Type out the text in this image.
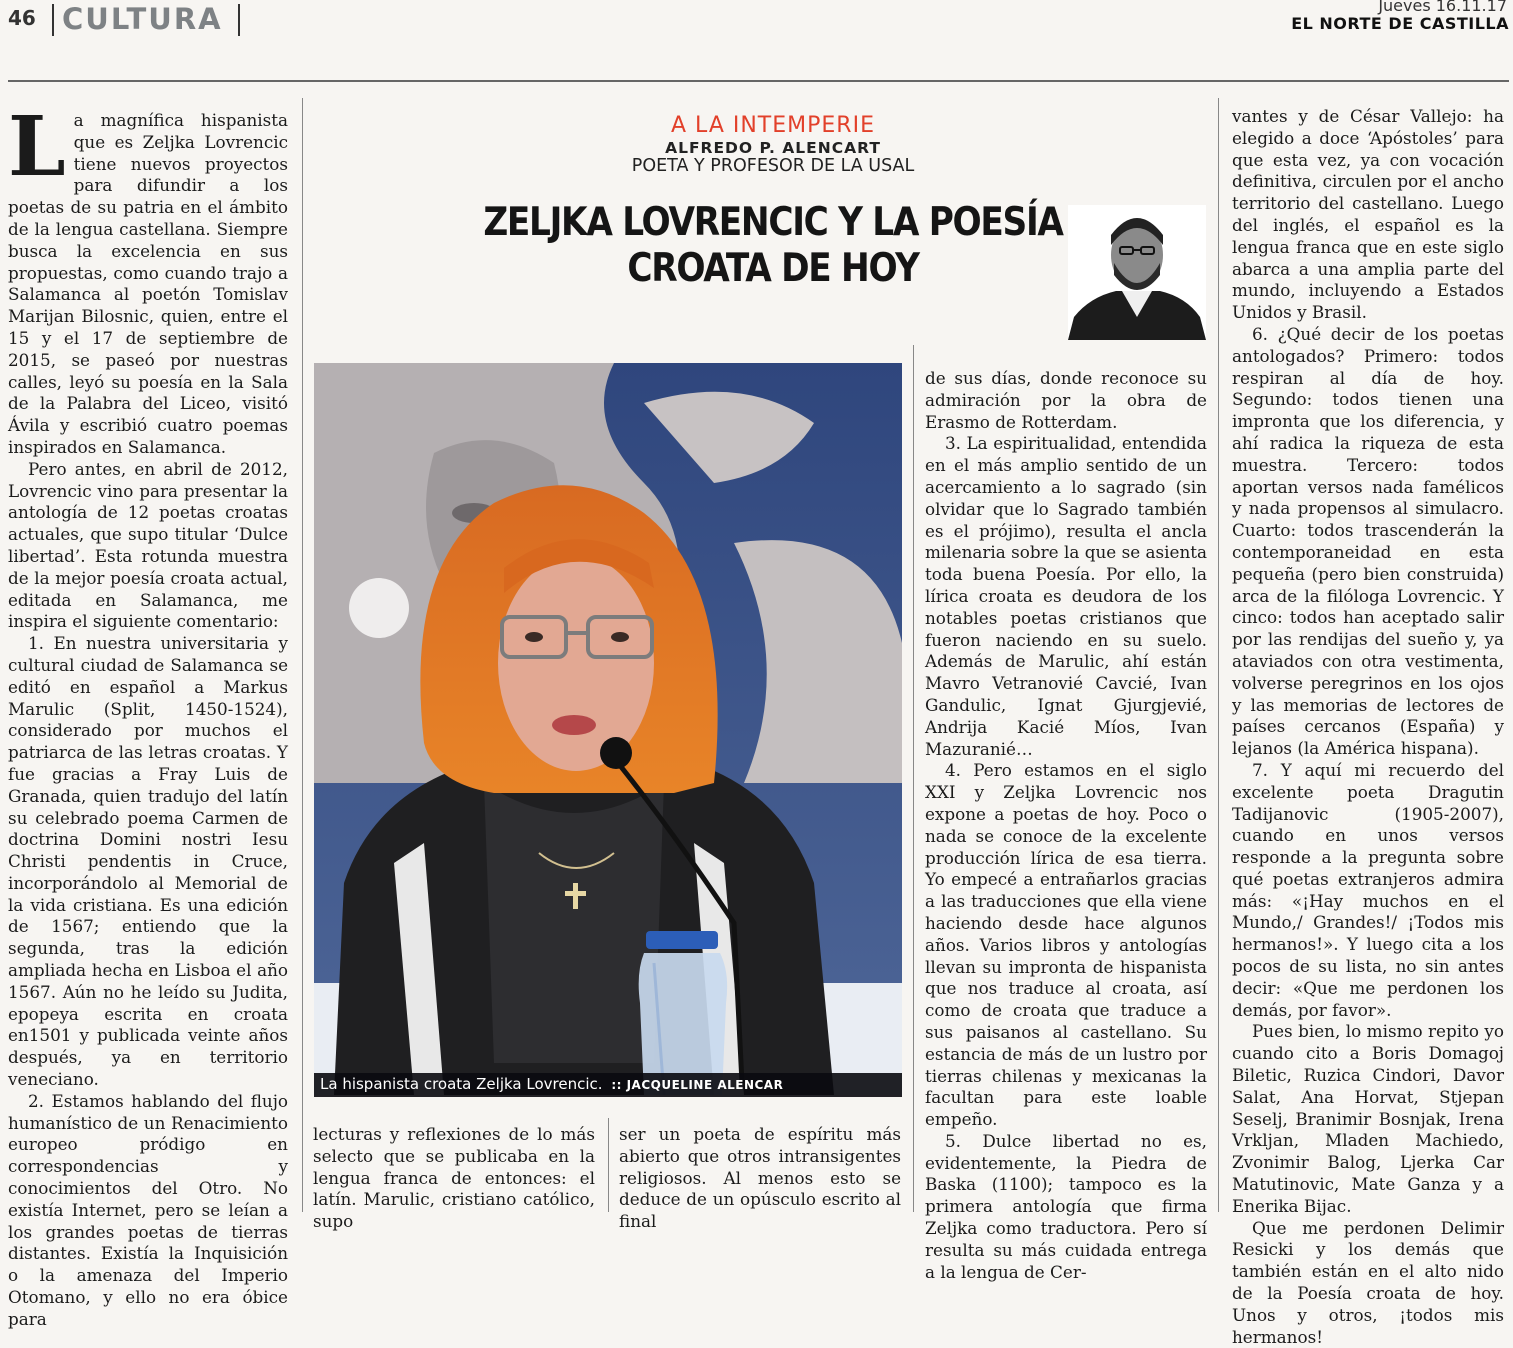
46 CULTURA	Jueves 16.11.17
EL NORTE DE CASTILLA

La magnífica hispanista que es Zeljka Lovrencic tiene nuevos proyectos para difundir a los poetas de su patria en el ámbito de la lengua castellana. Siempre busca la excelencia en sus propuestas, como cuando trajo a Salamanca al poetón Tomislav Marijan Bilosnic, quien, entre el 15 y el 17 de septiembre de 2015, se paseó por nuestras calles, leyó su poesía en la Sala de la Palabra del Liceo, visitó Ávila y escribió cuatro poemas inspirados en Salamanca.

Pero antes, en abril de 2012, Lovrencic vino para presentar la antología de 12 poetas croatas actuales, que supo titular ‘Dulce libertad’. Esta rotunda muestra de la mejor poesía croata actual, editada en Salamanca, me inspira el siguiente comentario:

1. En nuestra universitaria y cultural ciudad de Salamanca se editó en español a Markus Marulic (Split, 1450-1524), considerado por muchos el patriarca de las letras croatas. Y fue gracias a Fray Luis de Granada, quien tradujo del latín su celebrado poema Carmen de doctrina Domini nostri Iesu Christi pendentis in Cruce, incorporándolo al Memorial de la vida cristiana. Es una edición de 1567; entiendo que la segunda, tras la edición ampliada hecha en Lisboa el año 1567. Aún no he leído su Judita, epopeya escrita en croata en1501 y publicada veinte años después, ya en territorio veneciano.

2. Estamos hablando del flujo humanístico de un Renacimiento europeo pródigo en correspondencias y conocimientos del Otro. No existía Internet, pero se leían a los grandes poetas de tierras distantes. Existía la Inquisición o la amenaza del Imperio Otomano, y ello no era óbice para

A LA INTEMPERIE
ALFREDO P. ALENCART
POETA Y PROFESOR DE LA USAL
ZELJKA LOVRENCIC Y LA POESÍA
CROATA DE HOY
La hispanista croata Zeljka Lovrencic. :: JACQUELINE ALENCAR

lecturas y reflexiones de lo más selecto que se publicaba en la lengua franca de entonces: el latín. Marulic, cristiano católico, supo

ser un poeta de espíritu más abierto que otros intransigentes religiosos. Al menos esto se deduce de un opúsculo escrito al final

de sus días, donde reconoce su admiración por la obra de Erasmo de Rotterdam.

3. La espiritualidad, entendida en el más amplio sentido de un acercamiento a lo sagrado (sin olvidar que lo Sagrado también es el prójimo), resulta el ancla milenaria sobre la que se asienta toda buena Poesía. Por ello, la lírica croata es deudora de los notables poetas cristianos que fueron naciendo en su suelo. Además de Marulic, ahí están Mavro Vetranovié Cavcié, Ivan Gandulic, Ignat Gjurgjevié, Andrija Kacié Míos, Ivan Mazuranié…

4. Pero estamos en el siglo XXI y Zeljka Lovrencic nos expone a poetas de hoy. Poco o nada se conoce de la excelente producción lírica de esa tierra. Yo empecé a entrañarlos gracias a las traducciones que ella viene haciendo desde hace algunos años. Varios libros y antologías llevan su impronta de hispanista que nos traduce al croata, así como de croata que traduce a sus paisanos al castellano. Su estancia de más de un lustro por tierras chilenas y mexicanas la facultan para este loable empeño.

5. Dulce libertad no es, evidentemente, la Piedra de Baska (1100); tampoco es la primera antología que firma Zeljka como traductora. Pero sí resulta su más cuidada entrega a la lengua de Cer-

vantes y de César Vallejo: ha elegido a doce ‘Apóstoles’ para que esta vez, ya con vocación definitiva, circulen por el ancho territorio del castellano. Luego del inglés, el español es la lengua franca que en este siglo abarca a una amplia parte del mundo, incluyendo a Estados Unidos y Brasil.

6. ¿Qué decir de los poetas antologados? Primero: todos respiran al día de hoy. Segundo: todos tienen una impronta que los diferencia, y ahí radica la riqueza de esta muestra. Tercero: todos aportan versos nada famélicos y nada propensos al simulacro. Cuarto: todos trascenderán la contemporaneidad en esta pequeña (pero bien construida) arca de la filóloga Lovrencic. Y cinco: todos han aceptado salir por las rendijas del sueño y, ya ataviados con otra vestimenta, volverse peregrinos en los ojos y las memorias de lectores de países cercanos (España) y lejanos (la América hispana).

7. Y aquí mi recuerdo del excelente poeta Dragutin Tadijanovic (1905-2007), cuando en unos versos responde a la pregunta sobre qué poetas extranjeros admira más: «¡Hay muchos en el Mundo,/ Grandes!/ ¡Todos mis hermanos!». Y luego cita a los pocos de su lista, no sin antes decir: «Que me perdonen los demás, por favor».

Pues bien, lo mismo repito yo cuando cito a Boris Domagoj Biletic, Ruzica Cindori, Davor Salat, Ana Horvat, Stjepan Seselj, Branimir Bosnjak, Irena Vrkljan, Mladen Machiedo, Zvonimir Balog, Ljerka Car Matutinovic, Mate Ganza y a Enerika Bijac.

Que me perdonen Delimir Resicki y los demás que también están en el alto nido de la Poesía croata de hoy. Unos y otros, ¡todos mis hermanos!
